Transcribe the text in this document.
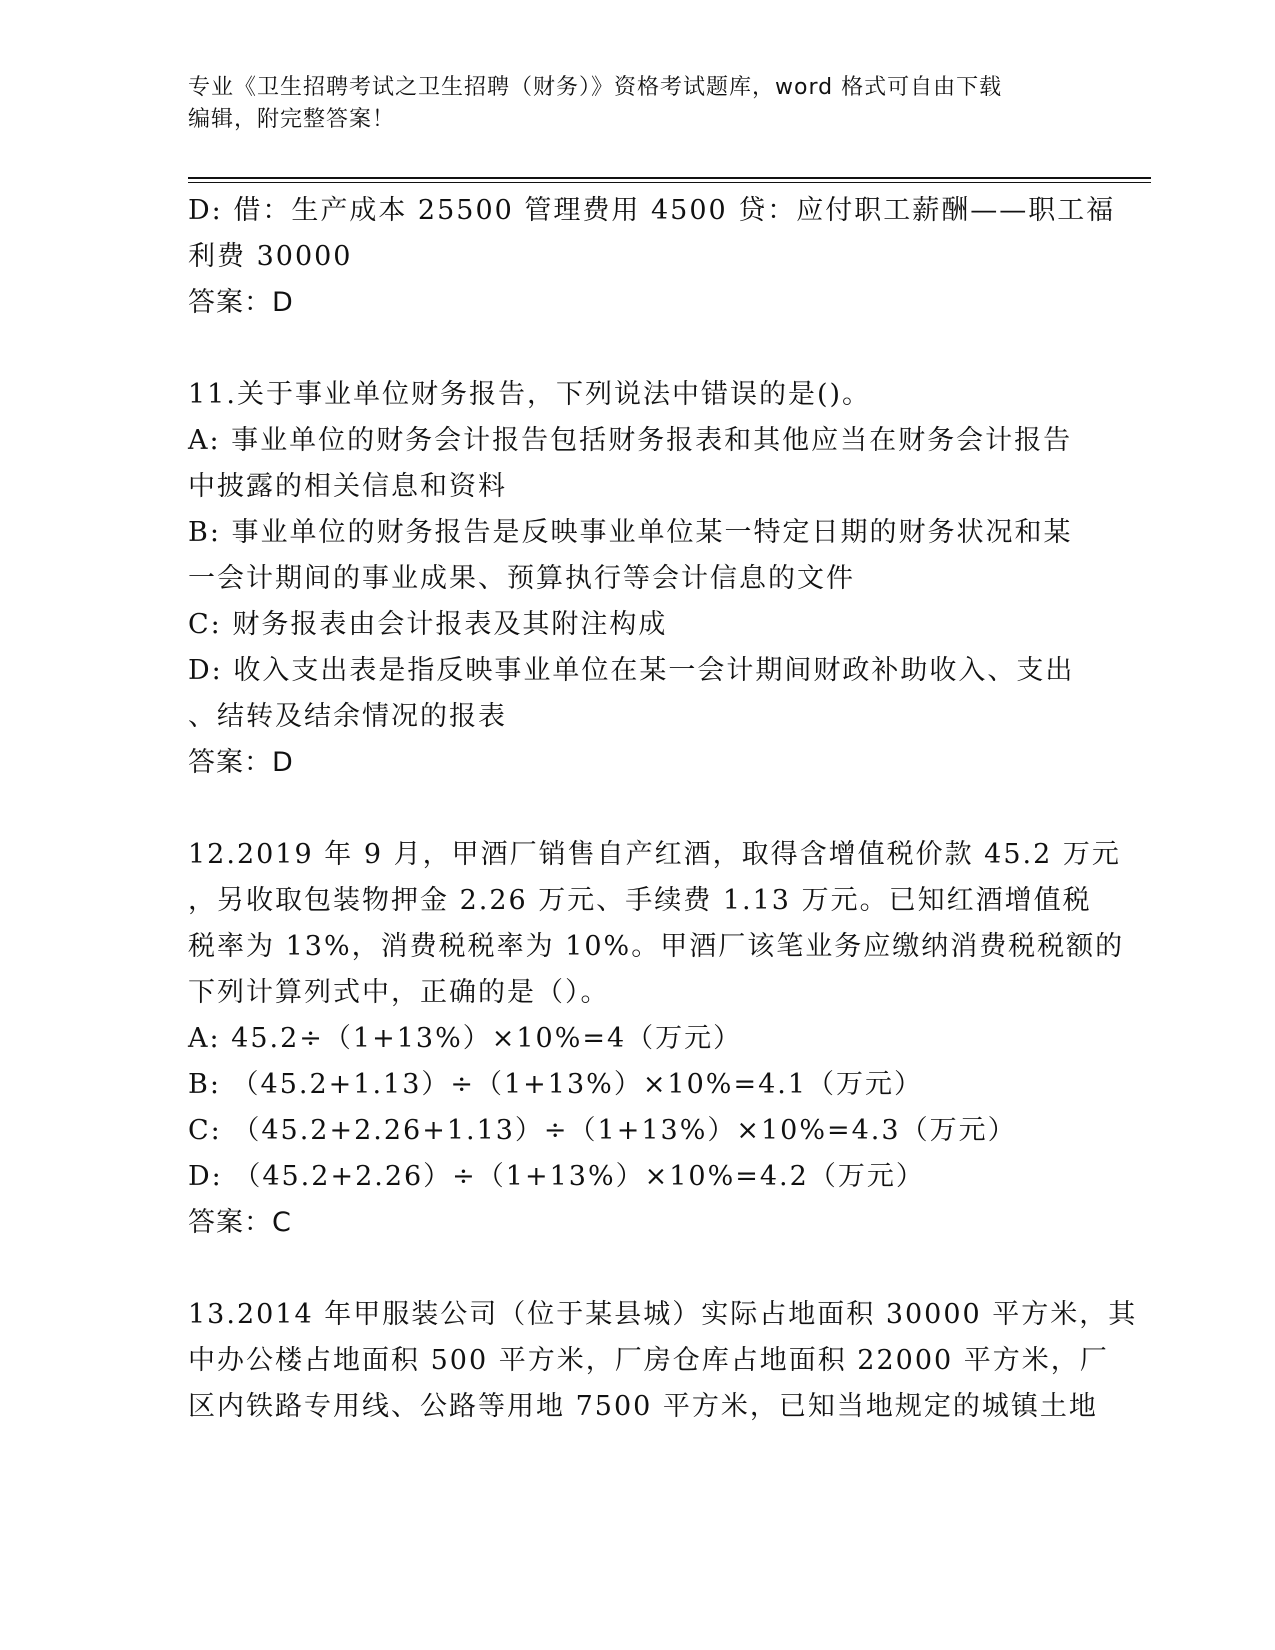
专业《卫生招聘考试之卫生招聘（财务）》资格考试题库，word 格式可自由下载
编辑，附完整答案！
D: 借：生产成本 25500 管理费用 4500 贷：应付职工薪酬——职工福
利费 30000
答案：D
11.关于事业单位财务报告，下列说法中错误的是()。
A: 事业单位的财务会计报告包括财务报表和其他应当在财务会计报告
中披露的相关信息和资料
B: 事业单位的财务报告是反映事业单位某一特定日期的财务状况和某
一会计期间的事业成果、预算执行等会计信息的文件
C: 财务报表由会计报表及其附注构成
D: 收入支出表是指反映事业单位在某一会计期间财政补助收入、支出
、结转及结余情况的报表
答案：D
12.2019 年 9 月，甲酒厂销售自产红酒，取得含增值税价款 45.2 万元
，另收取包装物押金 2.26 万元、手续费 1.13 万元。已知红酒增值税
税率为 13%，消费税税率为 10%。甲酒厂该笔业务应缴纳消费税税额的
下列计算列式中，正确的是（）。
A: 45.2÷（1+13%）×10%=4（万元）
B: （45.2+1.13）÷（1+13%）×10%=4.1（万元）
C: （45.2+2.26+1.13）÷（1+13%）×10%=4.3（万元）
D: （45.2+2.26）÷（1+13%）×10%=4.2（万元）
答案：C
13.2014 年甲服装公司（位于某县城）实际占地面积 30000 平方米，其
中办公楼占地面积 500 平方米，厂房仓库占地面积 22000 平方米，厂
区内铁路专用线、公路等用地 7500 平方米，已知当地规定的城镇土地
